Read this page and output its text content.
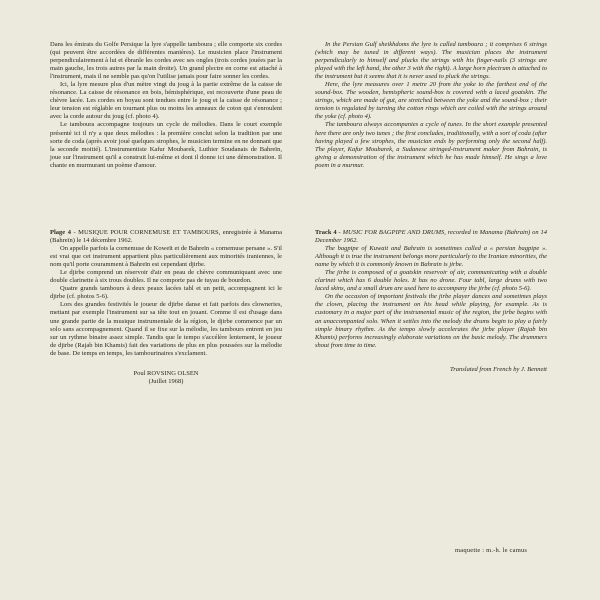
Dans les émirats du Golfe Persique la lyre s'appelle tamboura ; elle comporte six cordes (qui peuvent être accordées de différentes manières). Le musicien place l'instrument perpendiculairement à lui et ébranle les cordes avec ses ongles (trois cordes jouées par la main gauche, les trois autres par la main droite). Un grand plectre en corne est attaché à l'instrument, mais il ne semble pas qu'on l'utilise jamais pour faire sonner les cordes.

Ici, la lyre mesure plus d'un mètre vingt du joug à la partie extrême de la caisse de résonance. La caisse de résonance en bois, hémisphérique, est recouverte d'une peau de chèvre lacée. Les cordes en boyau sont tendues entre le joug et la caisse de résonance ; leur tension est réglable en tournant plus ou moins les anneaux de coton qui s'enroulent avec la corde autour du joug (cf. photo 4).

Le tamboura accompagne toujours un cycle de mélodies. Dans le court exemple présenté ici il n'y a que deux mélodies : la première conclut selon la tradition par une sorte de coda (après avoir joué quelques strophes, le musicien termine en ne donnant que la seconde moitié). L'instrumentiste Kafur Moubarek, Luthier Soudanais de Bahreïn, joue sur l'instrument qu'il a construit lui-même et dont il donne ici une démonstration. Il chante en murmurant un poème d'amour.

In the Persian Gulf sheikhdoms the lyre is called tamboura ; it comprises 6 strings (which may be tuned in different ways). The musician places the instrument perpendicularly to himself and plucks the strings with his finger-nails (3 strings are played with the left hand, the other 3 with the right). A large horn plectrum is attached to the instrument but it seems that it is never used to pluck the strings.

Here, the lyre measures over 1 metre 20 from the yoke to the farthest end of the sound-box. The wooden, hemispheric sound-box is covered with a laced goatskin. The strings, which are made of gut, are stretched between the yoke and the sound-box ; their tension is regulated by turning the cotton rings which are coiled with the strings around the yoke (cf. photo 4).

The tamboura always accompanies a cycle of tunes. In the short example presented here there are only two tunes ; the first concludes, traditionally, with a sort of coda (after having played a few strophes, the musician ends by performing only the second half). The player, Kafur Moubarek, a Sudanese stringed-instrument maker from Bahrain, is giving a demonstration of the instrument which he has made himself. He sings a love poem in a murmur.

Plage 4 - MUSIQUE POUR CORNEMUSE ET TAMBOURS, enregistrée à Manama (Bahreïn) le 14 décembre 1962.

On appelle parfois la cornemuse de Koweït et de Bahreïn « cornemuse persane ». S'il est vrai que cet instrument appartient plus particulièrement aux minorités iraniennes, le nom qu'il porte couramment à Bahreïn est cependant djirbe.

Le djirbe comprend un réservoir d'air en peau de chèvre communiquant avec une double clarinette à six trous doubles. Il ne comporte pas de tuyau de bourdon.

Quatre grands tambours à deux peaux lacées tabl et un petit, accompagnent ici le djirbe (cf. photos 5-6).

Lors des grandes festivités le joueur de djirbe danse et fait parfois des clowneries, mettant par exemple l'instrument sur sa tête tout en jouant. Comme il est d'usage dans une grande partie de la musique instrumentale de la région, le djirbe commence par un solo sans accompagnement. Quand il se fixe sur la mélodie, les tambours entrent en jeu sur un rythme binaire assez simple. Tandis que le tempo s'accélère lentement, le joueur de djirbe (Rajab bin Khamis) fait des variations de plus en plus poussées sur la mélodie de base. De temps en temps, les tambourinaires s'exclament.

Poul ROVSING OLSEN
(Juillet 1968)

Track 4 - MUSIC FOR BAGPIPE AND DRUMS, recorded in Manama (Bahrain) on 14 December 1962.

The bagpipe of Kuwait and Bahrain is sometimes called a « persian bagpipe ». Although it is true the instrument belongs more particularly to the Iranian minorities, the name by which it is commonly known in Bahrain is jirbe.

The jirbe is composed of a goatskin reservoir of air, communicating with a double clarinet which has 6 double holes. It has no drone. Four tabl, large drums with two laced skins, and a small drum are used here to accompany the jirbe (cf. photo 5-6).

On the occasion of important festivals the jirbe player dances and sometimes plays the clown, placing the instrument on his head while playing, for example. As is customary in a major part of the instrumental music of the region, the jirbe begins with an unaccompanied solo. When it settles into the melody the drums begin to play a fairly simple binary rhythm. As the tempo slowly accelerates the jirbe player (Rajab bin Khamis) performs increasingly elaborate variations on the basic melody. The drummers shout from time to time.

Translated from French by J. Bennett
maquette : m.-h. le camus
